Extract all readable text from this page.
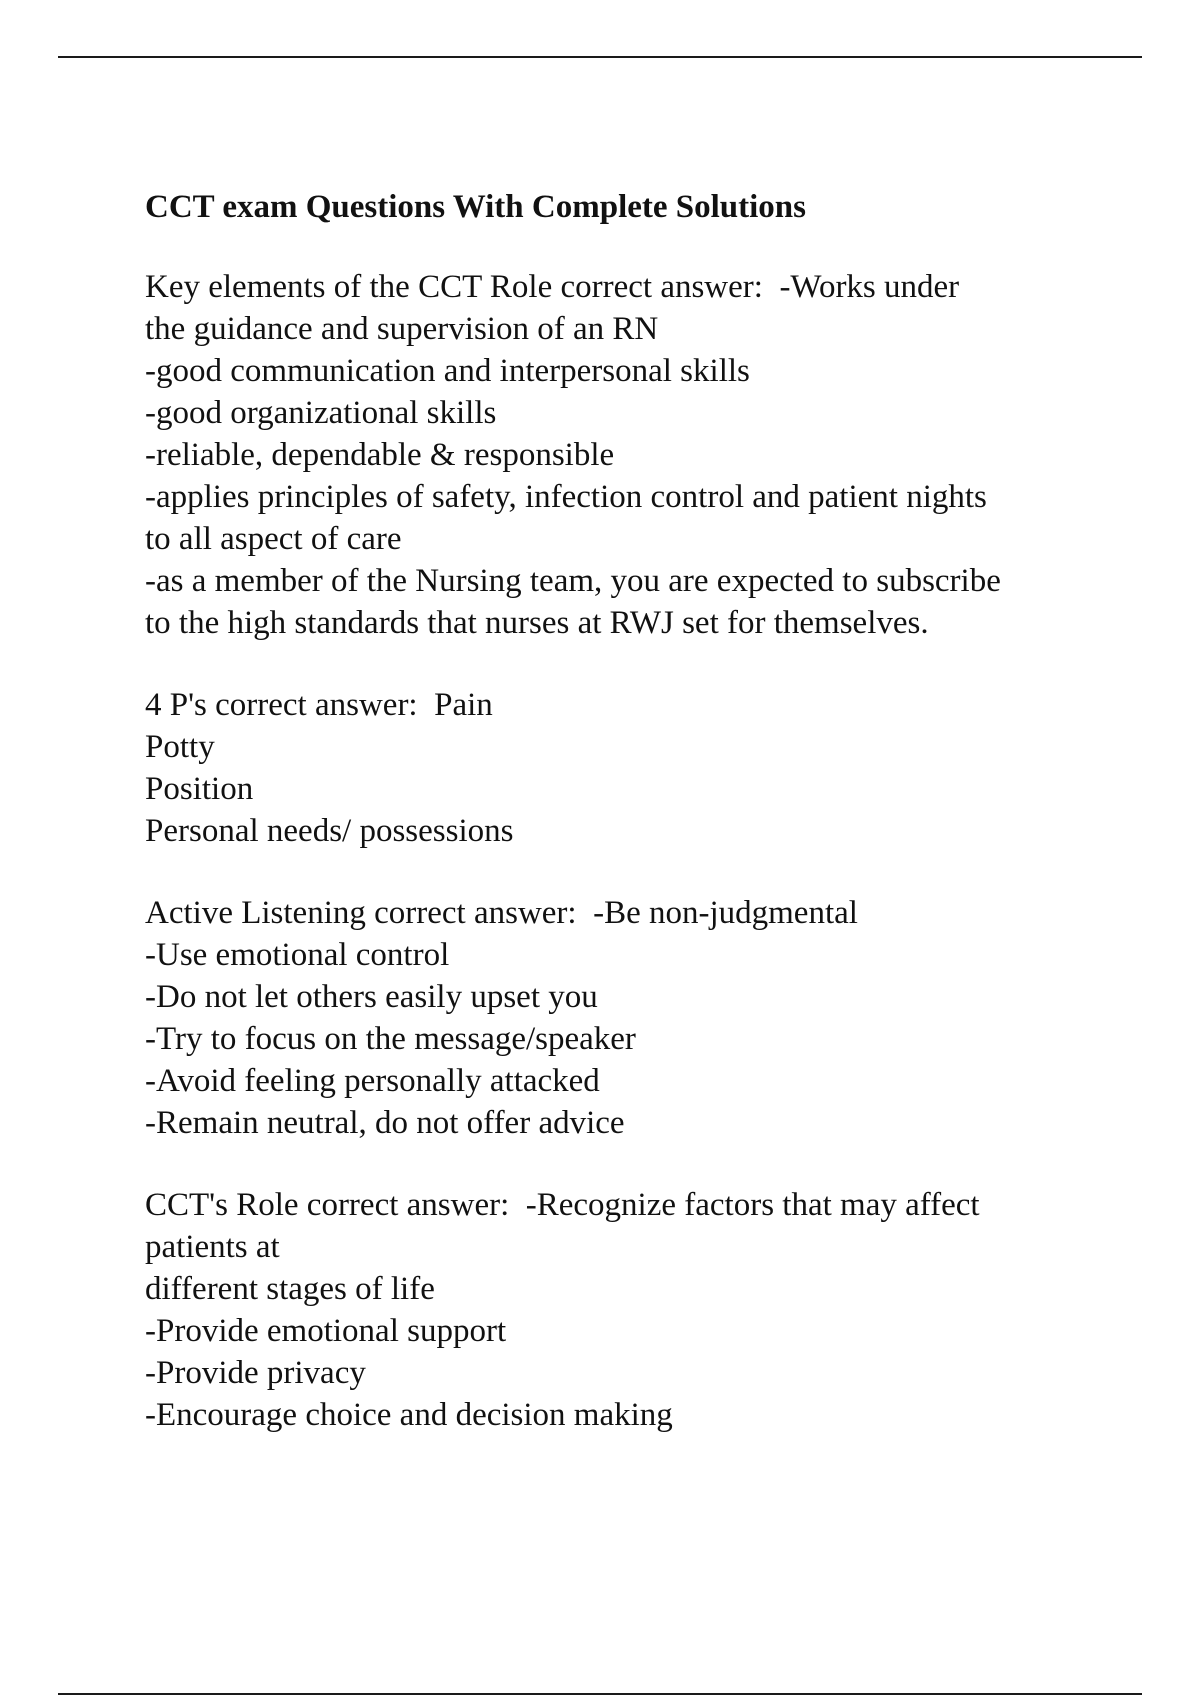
CCT exam Questions With Complete Solutions
Key elements of the CCT Role correct answer:  -Works under
the guidance and supervision of an RN
-good communication and interpersonal skills
-good organizational skills
-reliable, dependable & responsible
-applies principles of safety, infection control and patient nights
to all aspect of care
-as a member of the Nursing team, you are expected to subscribe
to the high standards that nurses at RWJ set for themselves.
4 P's correct answer:  Pain
Potty
Position
Personal needs/ possessions
Active Listening correct answer:  -Be non-judgmental
-Use emotional control
-Do not let others easily upset you
-Try to focus on the message/speaker
-Avoid feeling personally attacked
-Remain neutral, do not offer advice
CCT's Role correct answer:  -Recognize factors that may affect
patients at
different stages of life
-Provide emotional support
-Provide privacy
-Encourage choice and decision making
